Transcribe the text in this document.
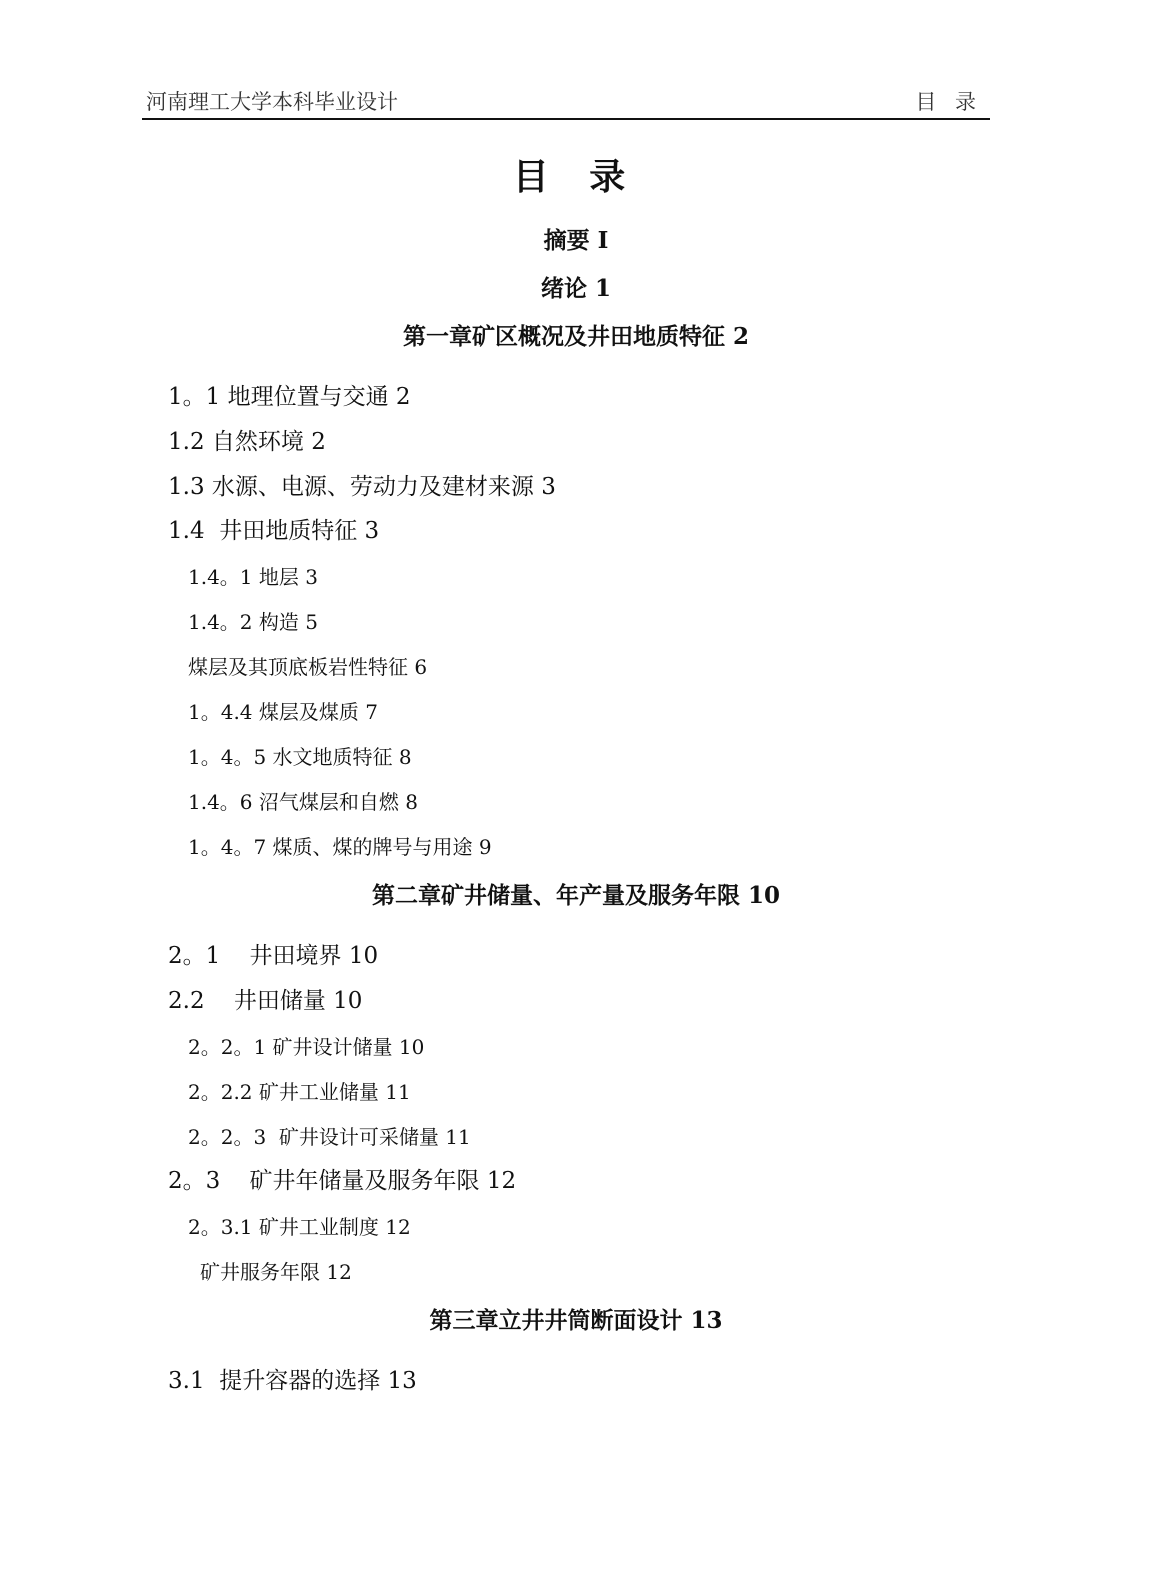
河南理工大学本科毕业设计	目 录
目 录
摘要 I
绪论 1
第一章矿区概况及井田地质特征 2
1。1 地理位置与交通 2
1.2 自然环境 2
1.3 水源、电源、劳动力及建材来源 3
1.4  井田地质特征 3
1.4。1 地层 3
1.4。2 构造 5
煤层及其顶底板岩性特征 6
1。4.4 煤层及煤质 7
1。4。5 水文地质特征 8
1.4。6 沼气煤层和自燃 8
1。4。7 煤质、煤的牌号与用途 9
第二章矿井储量、年产量及服务年限 10
2。1    井田境界 10
2.2    井田储量 10
2。2。1 矿井设计储量 10
2。2.2 矿井工业储量 11
2。2。3  矿井设计可采储量 11
2。3    矿井年储量及服务年限 12
2。3.1 矿井工业制度 12
矿井服务年限 12
第三章立井井筒断面设计 13
3.1  提升容器的选择 13
